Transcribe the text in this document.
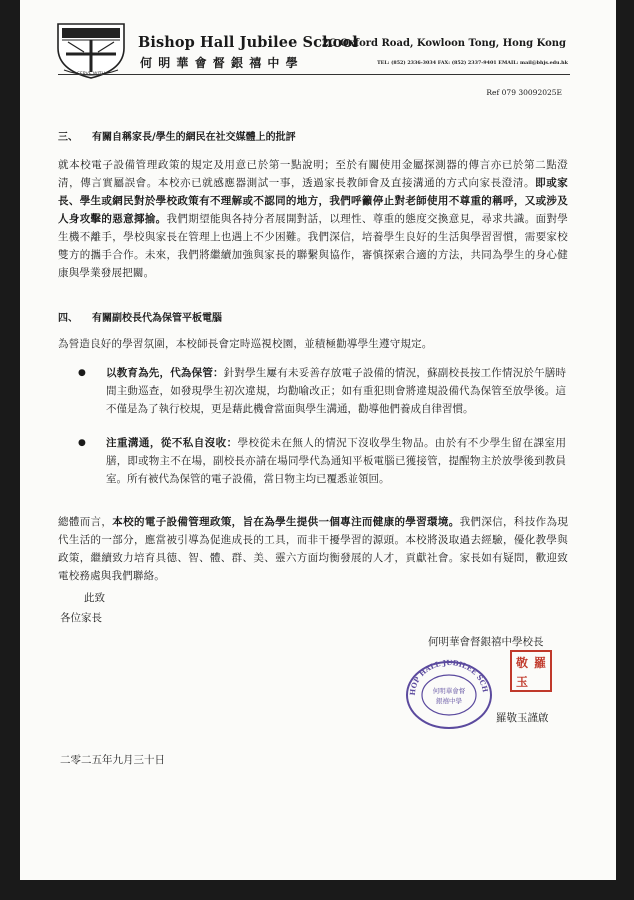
SERVE WITH
Bishop Hall Jubilee School
何明華會督銀禧中學
2C Oxford Road, Kowloon Tong, Hong Kong
TEL: (852) 2336-3034 FAX: (852) 2337-9401 EMAIL: mail@bhjs.edu.hk
Ref 079 30092025E
三、 有關自稱家長/學生的網民在社交媒體上的批評
就本校電子設備管理政策的規定及用意已於第一點說明；至於有關使用金屬探測器的傳言亦已於第二點澄清，傳言實屬誤會。本校亦已就感應器測試一事，透過家長教師會及直接溝通的方式向家長澄清。即或家長、學生或網民對於學校政策有不理解或不認同的地方，我們呼籲停止對老師使用不尊重的稱呼，又或涉及人身攻擊的惡意揶揄。我們期望能與各持分者展開對話，以理性、尊重的態度交換意見，尋求共識。面對學生機不離手，學校與家長在管理上也遇上不少困難。我們深信，培養學生良好的生活與學習習慣，需要家校雙方的攜手合作。未來，我們將繼續加強與家長的聯繫與協作，審慎探索合適的方法，共同為學生的身心健康與學業發展把關。
四、 有關副校長代為保管平板電腦
為營造良好的學習氛圍，本校師長會定時巡視校園，並積極勸導學生遵守規定。
● 以教育為先，代為保管：針對學生屢有未妥善存放電子設備的情況，蘇副校長按工作情況於午膳時間主動巡查，如發現學生初次違規，均勸喻改正；如有重犯則會將違規設備代為保管至放學後。這不僅是為了執行校規，更是藉此機會當面與學生溝通，勸導他們養成自律習慣。
● 注重溝通，從不私自沒收：學校從未在無人的情況下沒收學生物品。由於有不少學生留在課室用膳，即或物主不在場，副校長亦請在場同學代為通知平板電腦已獲接管，提醒物主於放學後到教員室。所有被代為保管的電子設備，當日物主均已覆悉並領回。
總體而言，本校的電子設備管理政策，旨在為學生提供一個專注而健康的學習環境。我們深信，科技作為現代生活的一部分，應當被引導為促進成長的工具，而非干擾學習的源頭。本校將汲取過去經驗，優化教學與政策，繼續致力培育具德、智、體、群、美、靈六方面均衡發展的人才，貢獻社會。家長如有疑問，歡迎致電校務處與我們聯絡。
此致
各位家長
何明華會督銀禧中學校長
HOP HALL JUBILEE SCH
何明華會督
銀禧中學
羅
敬
玉
羅敬玉謹啟
二零二五年九月三十日
